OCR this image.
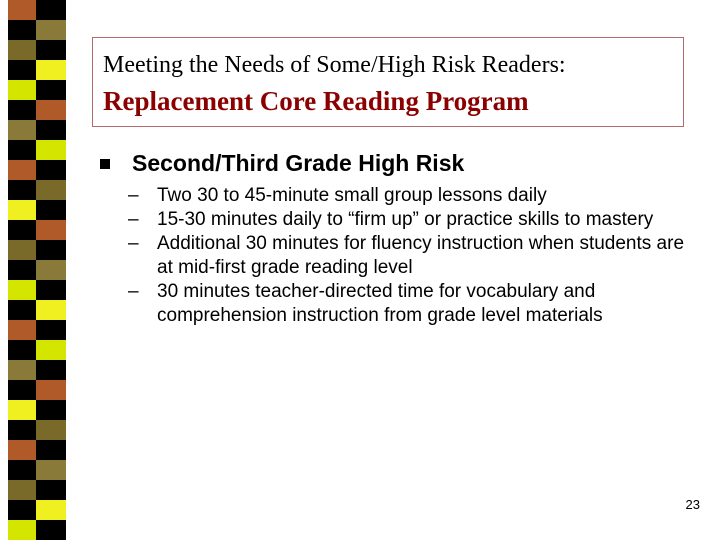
Meeting the Needs of Some/High Risk Readers:
Replacement Core Reading Program
Second/Third Grade High Risk
– Two 30 to 45-minute small group lessons daily
– 15-30 minutes daily to “firm up” or practice skills to mastery
– Additional 30 minutes for fluency instruction when students are at mid-first grade reading level
– 30 minutes teacher-directed time for vocabulary and comprehension instruction from grade level materials
23
